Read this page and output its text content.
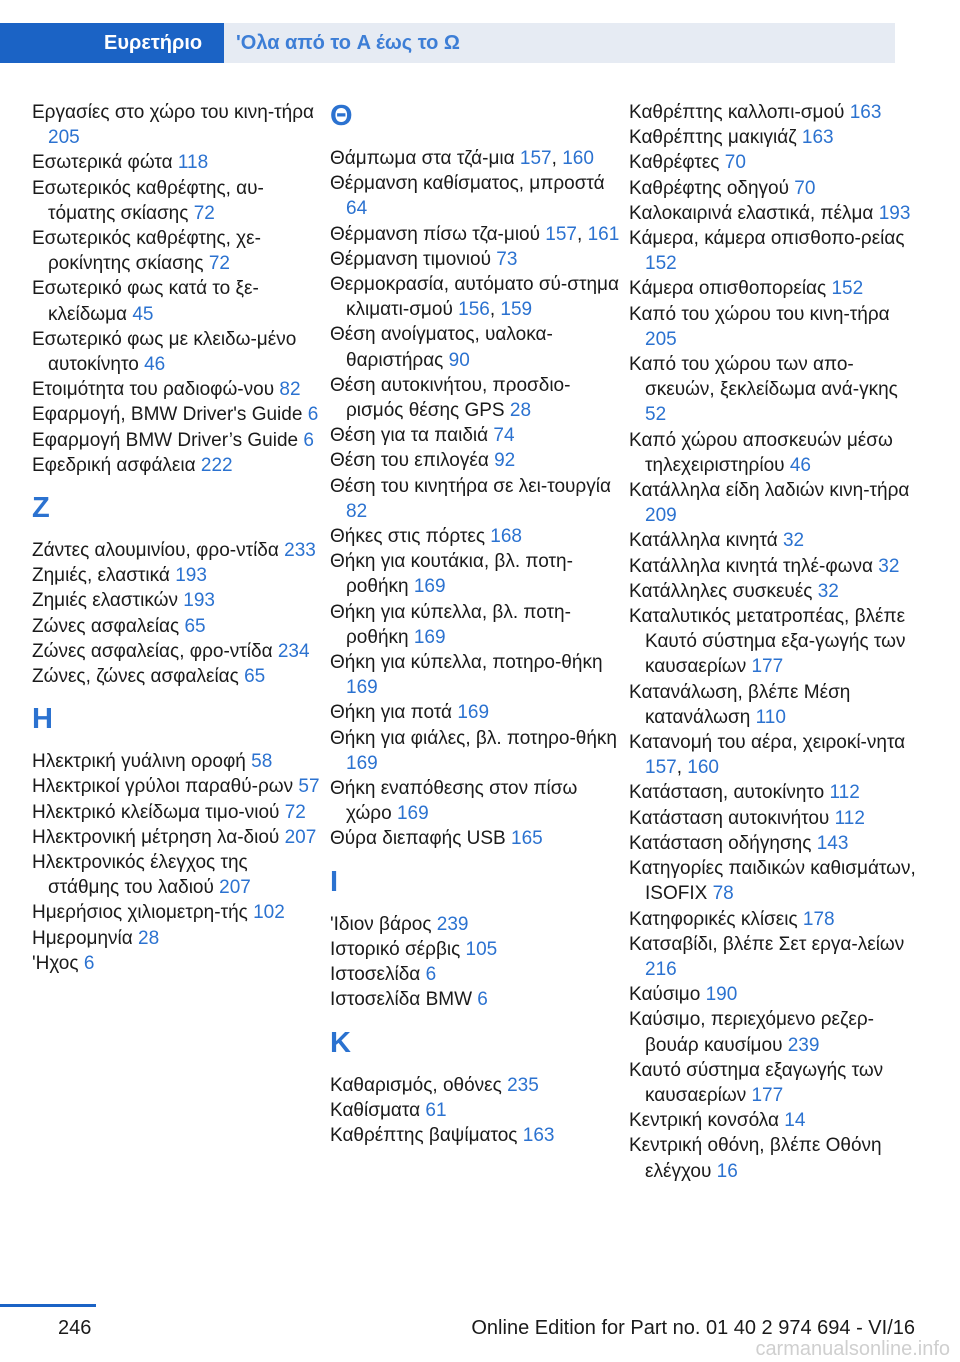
Ευρετήριο	'Ολα από το A έως το Ω
Εργασίες στο χώρο του κινη‐τήρα 205
Εσωτερικά φώτα 118
Εσωτερικός καθρέφτης, αυ‐τόματης σκίασης 72
Εσωτερικός καθρέφτης, χε‐ροκίνητης σκίασης 72
Εσωτερικό φως κατά το ξε‐κλείδωμα 45
Εσωτερικό φως με κλειδω‐μένο αυτοκίνητο 46
Ετοιμότητα του ραδιοφώ‐νου 82
Εφαρμογή, BMW Driver's Guide 6
Εφαρμογή BMW Driver’s Guide 6
Εφεδρική ασφάλεια 222
Z
Ζάντες αλουμινίου, φρο‐ντίδα 233
Ζημιές, ελαστικά 193
Ζημιές ελαστικών 193
Ζώνες ασφαλείας 65
Ζώνες ασφαλείας, φρο‐ντίδα 234
Ζώνες, ζώνες ασφαλείας 65
H
Ηλεκτρική γυάλινη οροφή 58
Ηλεκτρικοί γρύλοι παραθύ‐ρων 57
Ηλεκτρικό κλείδωμα τιμο‐νιού 72
Ηλεκτρονική μέτρηση λα‐διού 207
Ηλεκτρονικός έλεγχος της στάθμης του λαδιού 207
Ημερήσιος χιλιομετρη‐τής 102
Ημερομηνία 28
'Ηχος 6
Θ
Θάμπωμα στα τζά‐μια 157, 160
Θέρμανση καθίσματος, μπροστά 64
Θέρμανση πίσω τζα‐μιού 157, 161
Θέρμανση τιμονιού 73
Θερμοκρασία, αυτόματο σύ‐στημα κλιματι‐σμού 156, 159
Θέση ανοίγματος, υαλοκα‐θαριστήρας 90
Θέση αυτοκινήτου, προσδιο‐ρισμός θέσης GPS 28
Θέση για τα παιδιά 74
Θέση του επιλογέα 92
Θέση του κινητήρα σε λει‐τουργία 82
Θήκες στις πόρτες 168
Θήκη για κουτάκια, βλ. ποτη‐ροθήκη 169
Θήκη για κύπελλα, βλ. ποτη‐ροθήκη 169
Θήκη για κύπελλα, ποτηρο‐θήκη 169
Θήκη για ποτά 169
Θήκη για φιάλες, βλ. ποτηρο‐θήκη 169
Θήκη εναπόθεσης στον πίσω χώρο 169
Θύρα διεπαφής USB 165
I
'Ιδιον βάρος 239
Ιστορικό σέρβις 105
Ιστοσελίδα 6
Ιστοσελίδα BMW 6
K
Καθαρισμός, οθόνες 235
Καθίσματα 61
Καθρέπτης βαψίματος 163
Καθρέπτης καλλοπι‐σμού 163
Καθρέπτης μακιγιάζ 163
Καθρέφτες 70
Καθρέφτης οδηγού 70
Καλοκαιρινά ελαστικά, πέλμα 193
Κάμερα, κάμερα οπισθοπο‐ρείας 152
Κάμερα οπισθοπορείας 152
Καπό του χώρου του κινη‐τήρα 205
Καπό του χώρου των απο‐σκευών, ξεκλείδωμα ανά‐γκης 52
Καπό χώρου αποσκευών μέσω τηλεχειριστηρίου 46
Κατάλληλα είδη λαδιών κινη‐τήρα 209
Κατάλληλα κινητά 32
Κατάλληλα κινητά τηλέ‐φωνα 32
Κατάλληλες συσκευές 32
Καταλυτικός μετατροπέας, βλέπε Καυτό σύστημα εξα‐γωγής των καυσαερίων 177
Κατανάλωση, βλέπε Μέση κατανάλωση 110
Κατανομή του αέρα, χειροκί‐νητα 157, 160
Κατάσταση, αυτοκίνητο 112
Κατάσταση αυτοκινήτου 112
Κατάσταση οδήγησης 143
Κατηγορίες παιδικών καθισμάτων, ISOFIX 78
Κατηφορικές κλίσεις 178
Κατσαβίδι, βλέπε Σετ εργα‐λείων 216
Καύσιμο 190
Καύσιμο, περιεχόμενο ρεζερ‐βουάρ καυσίμου 239
Καυτό σύστημα εξαγωγής των καυσαερίων 177
Κεντρική κονσόλα 14
Κεντρική οθόνη, βλέπε Οθόνη ελέγχου 16
246	Online Edition for Part no. 01 40 2 974 694 - VI/16
carmanualsonline.info
